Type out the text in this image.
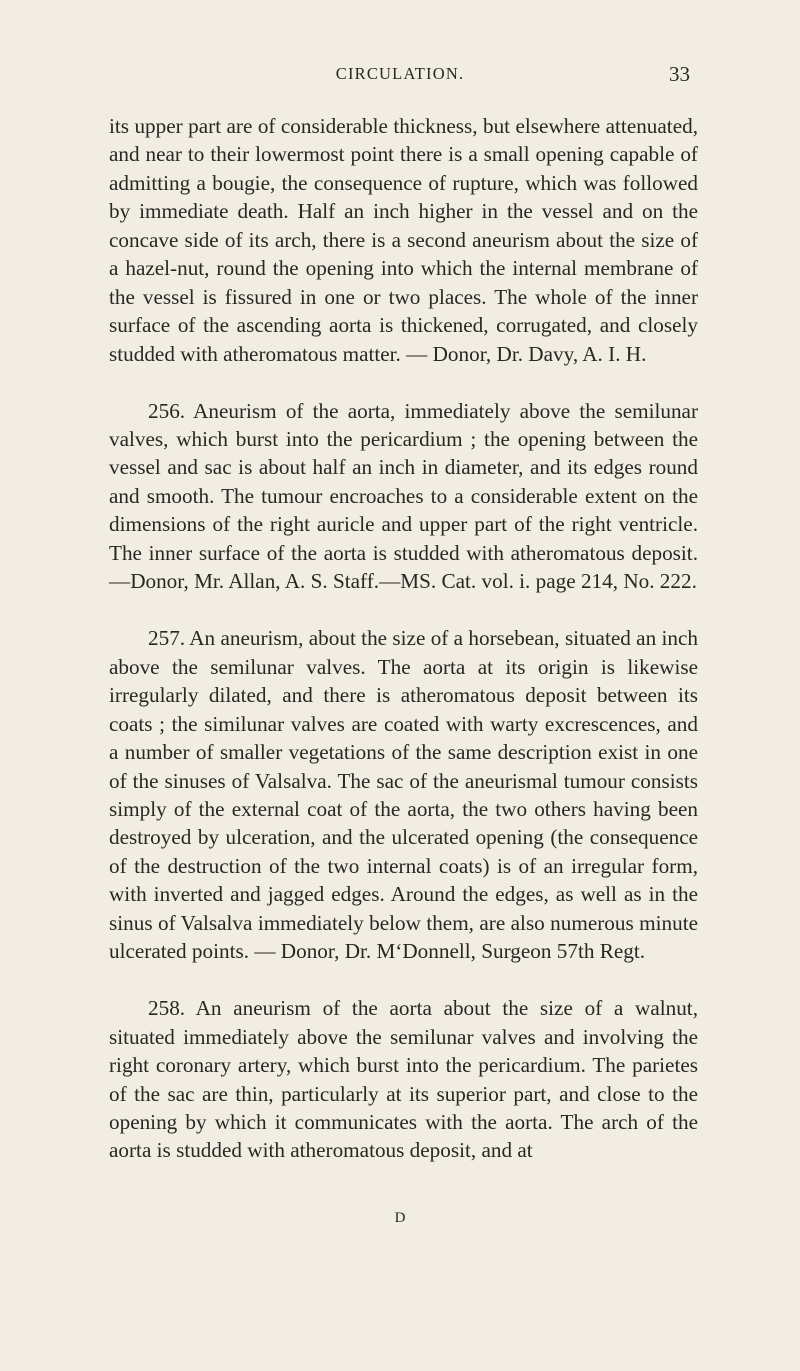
CIRCULATION.	33

its upper part are of considerable thickness, but elsewhere attenuated, and near to their lowermost point there is a small opening capable of admitting a bougie, the consequence of rupture, which was followed by immediate death. Half an inch higher in the vessel and on the concave side of its arch, there is a second aneurism about the size of a hazel-nut, round the opening into which the internal membrane of the vessel is fissured in one or two places. The whole of the inner surface of the ascending aorta is thickened, corrugated, and closely studded with atheromatous matter. — Donor, Dr. Davy, A. I. H.

256. Aneurism of the aorta, immediately above the semilunar valves, which burst into the pericardium ; the opening between the vessel and sac is about half an inch in diameter, and its edges round and smooth. The tumour encroaches to a considerable extent on the dimensions of the right auricle and upper part of the right ventricle. The inner surface of the aorta is studded with atheromatous deposit.—Donor, Mr. Allan, A. S. Staff.—MS. Cat. vol. i. page 214, No. 222.

257. An aneurism, about the size of a horsebean, situated an inch above the semilunar valves. The aorta at its origin is likewise irregularly dilated, and there is atheromatous deposit between its coats ; the similunar valves are coated with warty excrescences, and a number of smaller vegetations of the same description exist in one of the sinuses of Valsalva. The sac of the aneurismal tumour consists simply of the external coat of the aorta, the two others having been destroyed by ulceration, and the ulcerated opening (the consequence of the destruction of the two internal coats) is of an irregular form, with inverted and jagged edges. Around the edges, as well as in the sinus of Valsalva immediately below them, are also numerous minute ulcerated points. — Donor, Dr. M‘Donnell, Surgeon 57th Regt.

258. An aneurism of the aorta about the size of a walnut, situated immediately above the semilunar valves and involving the right coronary artery, which burst into the pericardium. The parietes of the sac are thin, particularly at its superior part, and close to the opening by which it communicates with the aorta. The arch of the aorta is studded with atheromatous deposit, and at

D
